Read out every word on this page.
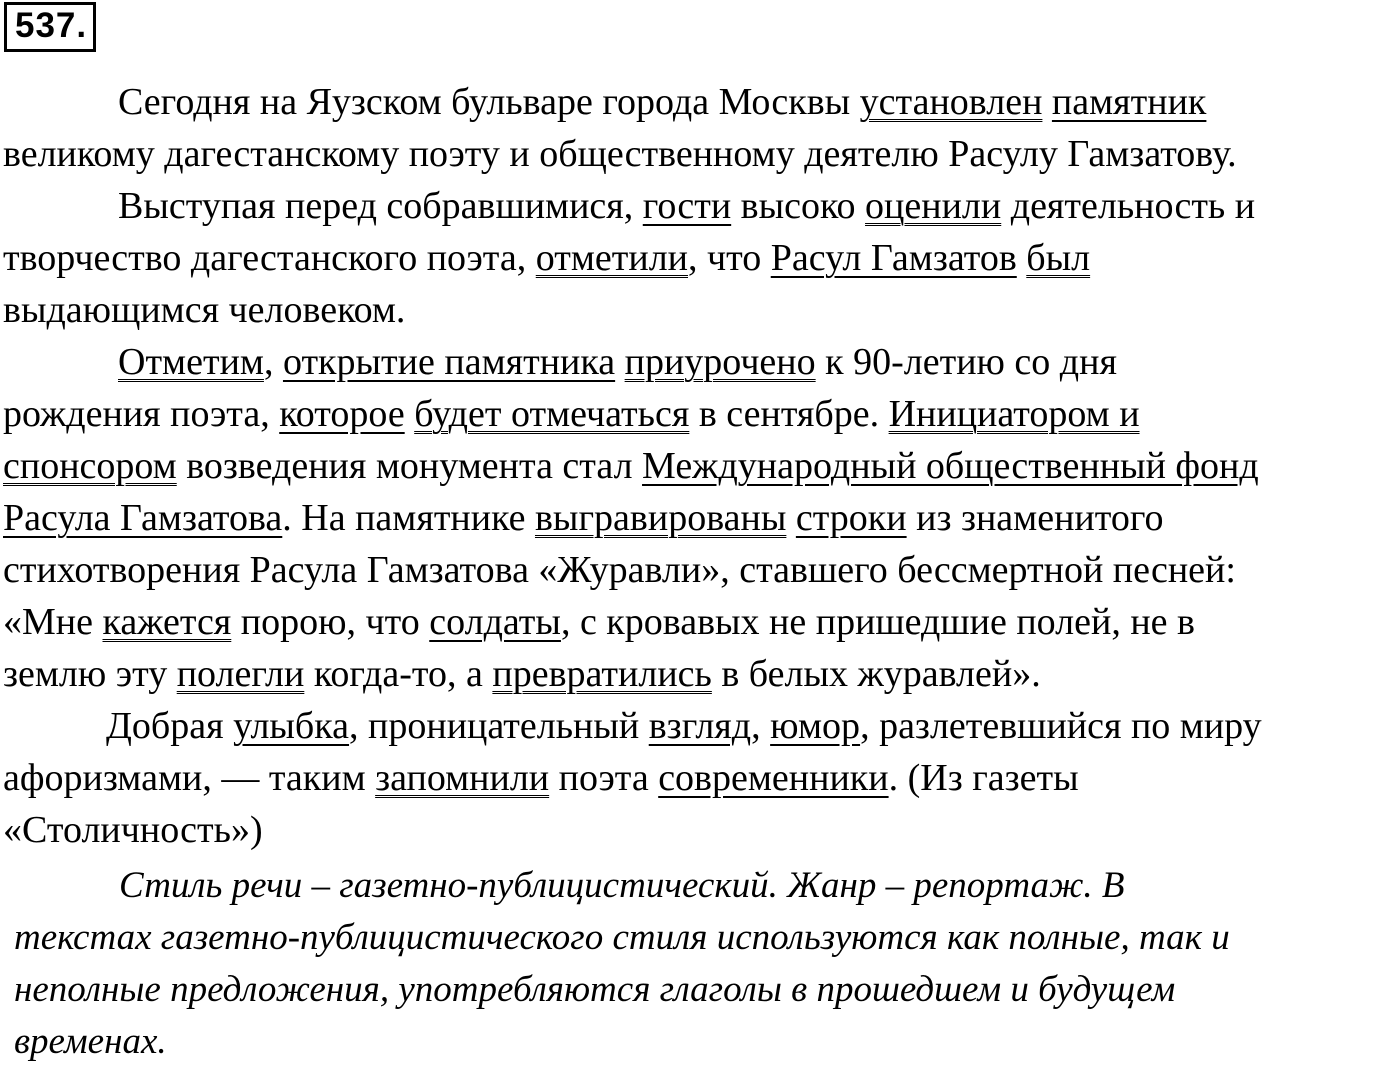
537.
Сегодня на Яузском бульваре города Москвы установлен памятник
великому дагестанскому поэту и общественному деятелю Расулу Гамзатову.
Выступая перед собравшимися, гости высоко оценили деятельность и
творчество дагестанского поэта, отметили, что Расул Гамзатов был
выдающимся человеком.
Отметим, открытие памятника приурочено к 90-летию со дня
рождения поэта, которое будет отмечаться в сентябре. Инициатором и
спонсором возведения монумента стал Международный общественный фонд
Расула Гамзатова. На памятнике выгравированы строки из знаменитого
стихотворения Расула Гамзатова «Журавли», ставшего бессмертной песней:
«Мне кажется порою, что солдаты, с кровавых не пришедшие полей, не в
землю эту полегли когда-то, а превратились в белых журавлей».
Добрая улыбка, проницательный взгляд, юмор, разлетевшийся по миру
афоризмами, — таким запомнили поэта современники. (Из газеты
«Столичность»)
Стиль речи – газетно-публицистический. Жанр – репортаж. В
текстах газетно-публицистического стиля используются как полные, так и
неполные предложения, употребляются глаголы в прошедшем и будущем
временах.
